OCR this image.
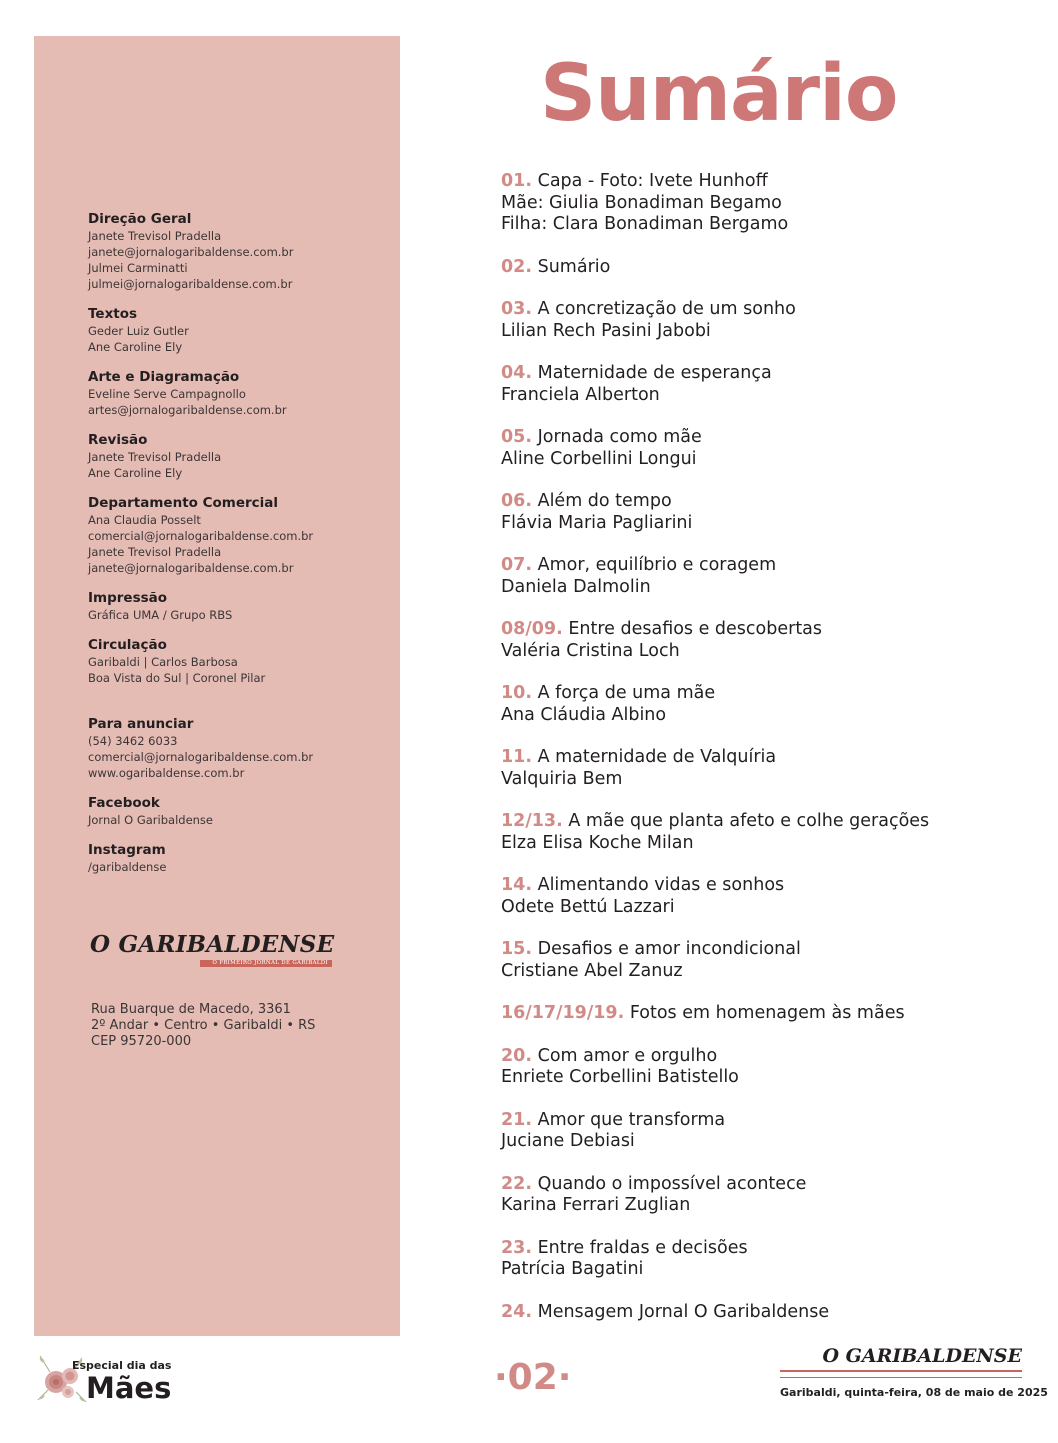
Direção Geral
Janete Trevisol Pradella
janete@jornalogaribaldense.com.br
Julmei Carminatti
julmei@jornalogaribaldense.com.br
Textos
Geder Luiz Gutler
Ane Caroline Ely
Arte e Diagramação
Eveline Serve Campagnollo
artes@jornalogaribaldense.com.br
Revisão
Janete Trevisol Pradella
Ane Caroline Ely
Departamento Comercial
Ana Claudia Posselt
comercial@jornalogaribaldense.com.br
Janete Trevisol Pradella
janete@jornalogaribaldense.com.br
Impressão
Gráfica UMA / Grupo RBS
Circulação
Garibaldi | Carlos Barbosa
Boa Vista do Sul | Coronel Pilar
Para anunciar
(54) 3462 6033
comercial@jornalogaribaldense.com.br
www.ogaribaldense.com.br
Facebook
Jornal O Garibaldense
Instagram
/garibaldense
O GARIBALDENSE
O PRIMEIRO JORNAL DE GARIBALDI
Rua Buarque de Macedo, 3361
2º Andar • Centro • Garibaldi • RS
CEP 95720-000
Sumário
01. Capa - Foto: Ivete Hunhoff
Mãe: Giulia Bonadiman Begamo
Filha: Clara Bonadiman Bergamo
02. Sumário
03. A concretização de um sonho
Lilian Rech Pasini Jabobi
04. Maternidade de esperança
Franciela Alberton
05. Jornada como mãe
Aline Corbellini Longui
06. Além do tempo
Flávia Maria Pagliarini
07. Amor, equilíbrio e coragem
Daniela Dalmolin
08/09. Entre desafios e descobertas
Valéria Cristina Loch
10. A força de uma mãe
Ana Cláudia Albino
11. A maternidade de Valquíria
Valquiria Bem
12/13. A mãe que planta afeto e colhe gerações
Elza Elisa Koche Milan
14. Alimentando vidas e sonhos
Odete Bettú Lazzari
15. Desafios e amor incondicional
Cristiane Abel Zanuz
16/17/19/19. Fotos em homenagem às mães
20. Com amor e orgulho
Enriete Corbellini Batistello
21. Amor que transforma
Juciane Debiasi
22. Quando o impossível acontece
Karina Ferrari Zuglian
23. Entre fraldas e decisões
Patrícia Bagatini
24. Mensagem Jornal O Garibaldense
Especial dia das
Mães	·02·
O GARIBALDENSE
Garibaldi, quinta-feira, 08 de maio de 2025
